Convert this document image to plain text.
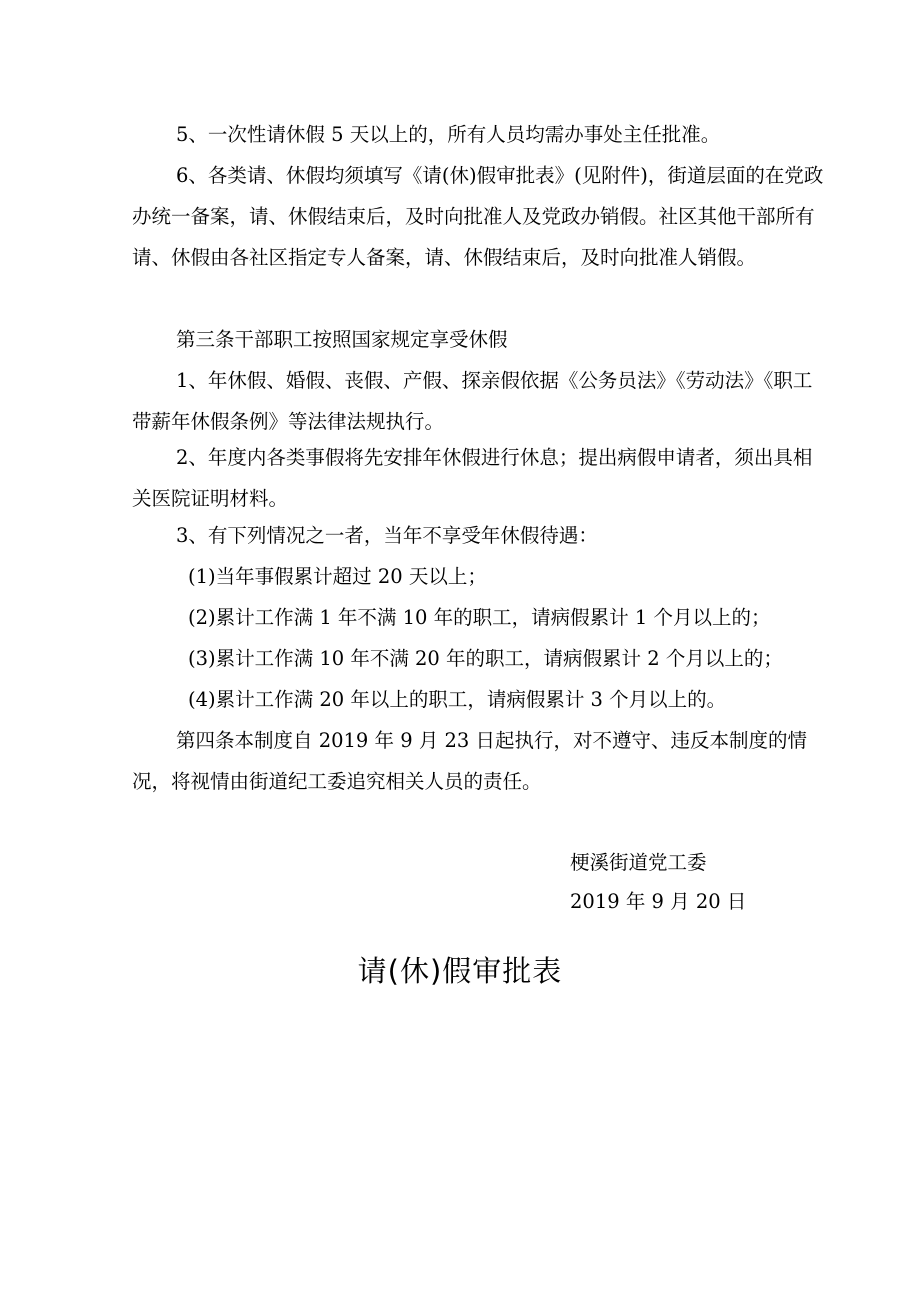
5、一次性请休假 5 天以上的，所有人员均需办事处主任批准。
6、各类请、休假均须填写《请(休)假审批表》(见附件)，街道层面的在党政办统一备案，请、休假结束后，及时向批准人及党政办销假。社区其他干部所有请、休假由各社区指定专人备案，请、休假结束后，及时向批准人销假。
第三条干部职工按照国家规定享受休假
1、年休假、婚假、丧假、产假、探亲假依据《公务员法》《劳动法》《职工带薪年休假条例》等法律法规执行。
2、年度内各类事假将先安排年休假进行休息；提出病假申请者，须出具相关医院证明材料。
3、有下列情况之一者，当年不享受年休假待遇：
(1)当年事假累计超过 20 天以上；
(2)累计工作满 1 年不满 10 年的职工，请病假累计 1 个月以上的；
(3)累计工作满 10 年不满 20 年的职工，请病假累计 2 个月以上的；
(4)累计工作满 20 年以上的职工，请病假累计 3 个月以上的。
第四条本制度自 2019 年 9 月 23 日起执行，对不遵守、违反本制度的情况，将视情由街道纪工委追究相关人员的责任。
梗溪街道党工委
2019 年 9 月 20 日
请(休)假审批表
